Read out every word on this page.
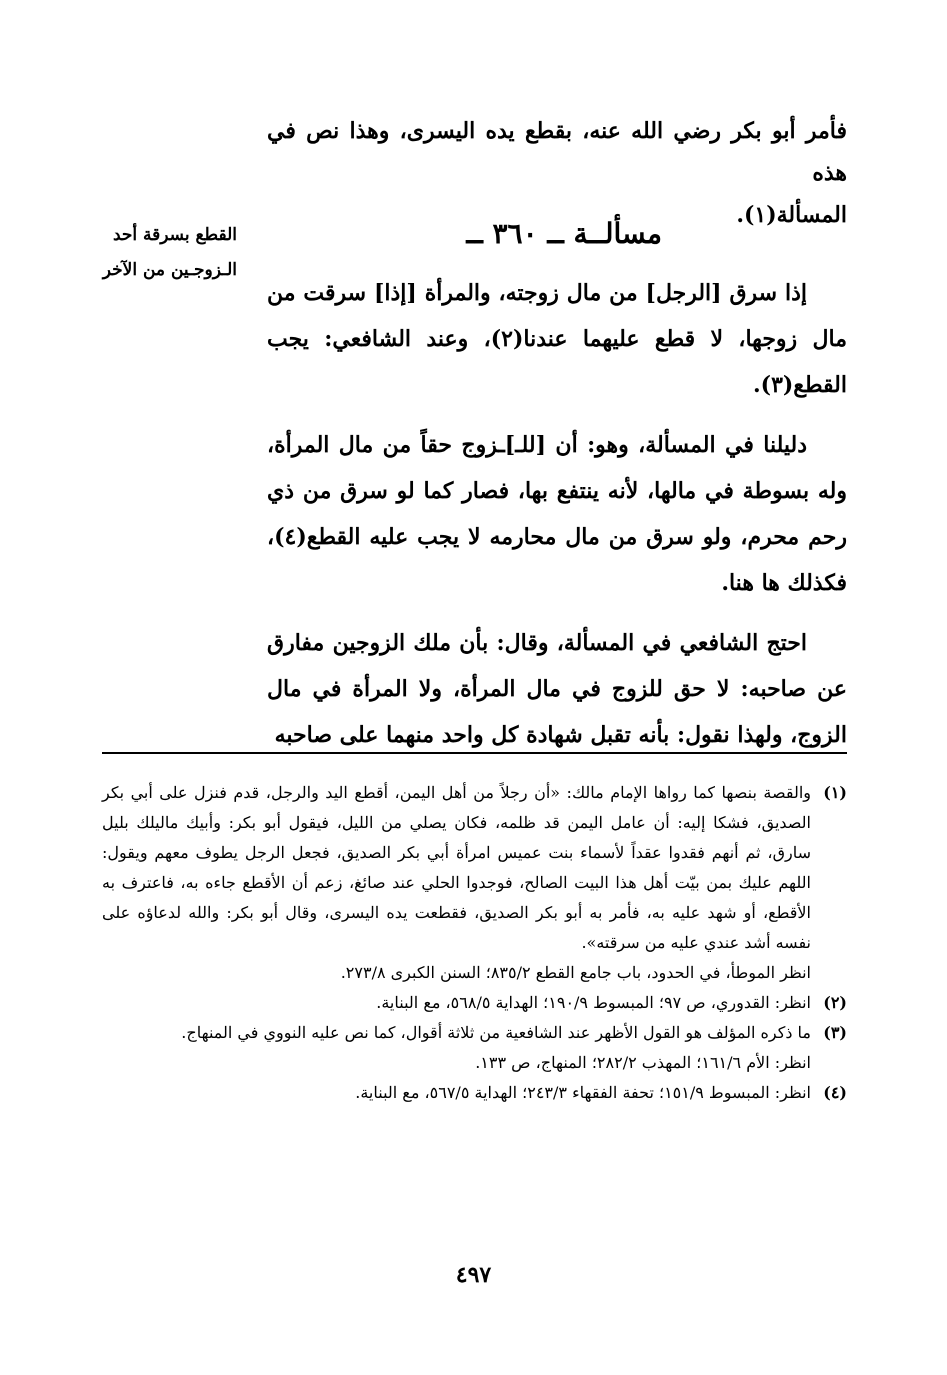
فأمر أبو بكر رضي الله عنه، بقطع يده اليسرى، وهذا نص في هذه
المسألة(١).

القطع بسرقة أحد الـزوجـين من الآخر

مسألــة ــ ٣٦٠ ــ

إذا سرق [الرجل] من مال زوجته، والمرأة [إذا] سرقت من مال زوجها، لا قطع عليهما عندنا(٢)، وعند الشافعي: يجب القطع(٣).

دليلنا في المسألة، وهو: أن [للـ]ـزوج حقاً من مال المرأة، وله بسوطة في مالها، لأنه ينتفع بها، فصار كما لو سرق من ذي رحم محرم، ولو سرق من مال محارمه لا يجب عليه القطع(٤)، فكذلك ها هنا.

احتج الشافعي في المسألة، وقال: بأن ملك الزوجين مفارق عن صاحبه: لا حق للزوج في مال المرأة، ولا المرأة في مال الزوج، ولهذا نقول: بأنه تقبل شهادة كل واحد منهما على صاحبه

(١)

والقصة بنصها كما رواها الإمام مالك: «أن رجلاً من أهل اليمن، أقطع اليد والرجل، قدم فنزل على أبي بكر الصديق، فشكا إليه: أن عامل اليمن قد ظلمه، فكان يصلي من الليل، فيقول أبو بكر: وأبيك ماليلك بليل سارق، ثم أنهم فقدوا عقداً لأسماء بنت عميس امرأة أبي بكر الصديق، فجعل الرجل يطوف معهم ويقول: اللهم عليك بمن بيّت أهل هذا البيت الصالح، فوجدوا الحلي عند صائغ، زعم أن الأقطع جاءه به، فاعترف به الأقطع، أو شهد عليه به، فأمر به أبو بكر الصديق، فقطعت يده اليسرى، وقال أبو بكر: والله لدعاؤه على نفسه أشد عندي عليه من سرقته».

انظر الموطأ، في الحدود، باب جامع القطع ٨٣٥/٢؛ السنن الكبرى ٢٧٣/٨.

(٢)

انظر: القدوري، ص ٩٧؛ المبسوط ١٩٠/٩؛ الهداية ٥٦٨/٥، مع البناية.

(٣)

ما ذكره المؤلف هو القول الأظهر عند الشافعية من ثلاثة أقوال، كما نص عليه النووي في المنهاج.

انظر: الأم ١٦١/٦؛ المهذب ٢٨٢/٢؛ المنهاج، ص ١٣٣.

(٤)

انظر: المبسوط ١٥١/٩؛ تحفة الفقهاء ٢٤٣/٣؛ الهداية ٥٦٧/٥، مع البناية.

٤٩٧
